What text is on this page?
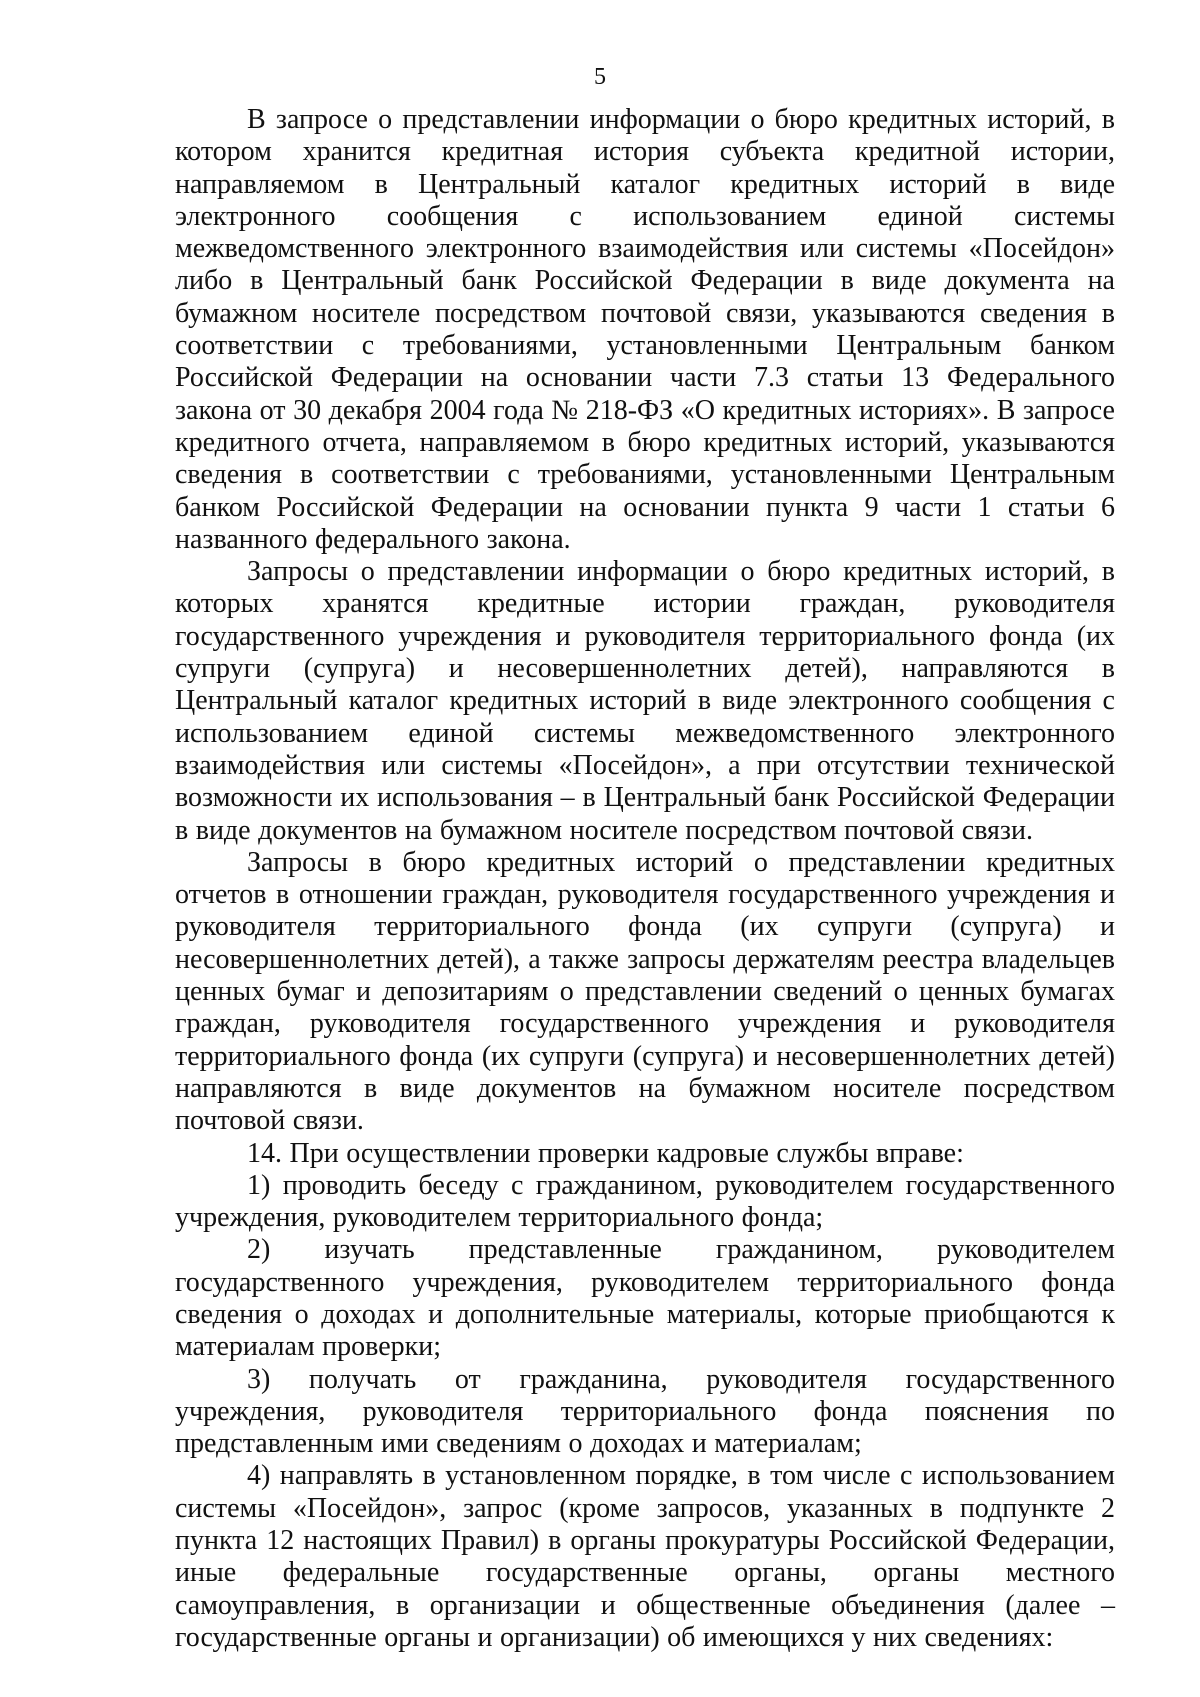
5

В запросе о представлении информации о бюро кредитных историй, в котором хранится кредитная история субъекта кредитной истории, направляемом в Центральный каталог кредитных историй в виде электронного сообщения с использованием единой системы межведомственного электронного взаимодействия или системы «Посейдон» либо в Центральный банк Российской Федерации в виде документа на бумажном носителе посредством почтовой связи, указываются сведения в соответствии с требованиями, установленными Центральным банком Российской Федерации на основании части 7.3 статьи 13 Федерального закона от 30 декабря 2004 года № 218-ФЗ «О кредитных историях». В запросе кредитного отчета, направляемом в бюро кредитных историй, указываются сведения в соответствии с требованиями, установленными Центральным банком Российской Федерации на основании пункта 9 части 1 статьи 6 названного федерального закона.

Запросы о представлении информации о бюро кредитных историй, в которых хранятся кредитные истории граждан, руководителя государственного учреждения и руководителя территориального фонда (их супруги (супруга) и несовершеннолетних детей), направляются в Центральный каталог кредитных историй в виде электронного сообщения с использованием единой системы межведомственного электронного взаимодействия или системы «Посейдон», а при отсутствии технической возможности их использования – в Центральный банк Российской Федерации в виде документов на бумажном носителе посредством почтовой связи.

Запросы в бюро кредитных историй о представлении кредитных отчетов в отношении граждан, руководителя государственного учреждения и руководителя территориального фонда (их супруги (супруга) и несовершеннолетних детей), а также запросы держателям реестра владельцев ценных бумаг и депозитариям о представлении сведений о ценных бумагах граждан, руководителя государственного учреждения и руководителя территориального фонда (их супруги (супруга) и несовершеннолетних детей) направляются в виде документов на бумажном носителе посредством почтовой связи.

14. При осуществлении проверки кадровые службы вправе:

1) проводить беседу с гражданином, руководителем государственного учреждения, руководителем территориального фонда;

2) изучать представленные гражданином, руководителем государственного учреждения, руководителем территориального фонда сведения о доходах и дополнительные материалы, которые приобщаются к материалам проверки;

3) получать от гражданина, руководителя государственного учреждения, руководителя территориального фонда пояснения по представленным ими сведениям о доходах и материалам;

4) направлять в установленном порядке, в том числе с использованием системы «Посейдон», запрос (кроме запросов, указанных в подпункте 2 пункта 12 настоящих Правил) в органы прокуратуры Российской Федерации, иные федеральные государственные органы, органы местного самоуправления, в организации и общественные объединения (далее – государственные органы и организации) об имеющихся у них сведениях:
